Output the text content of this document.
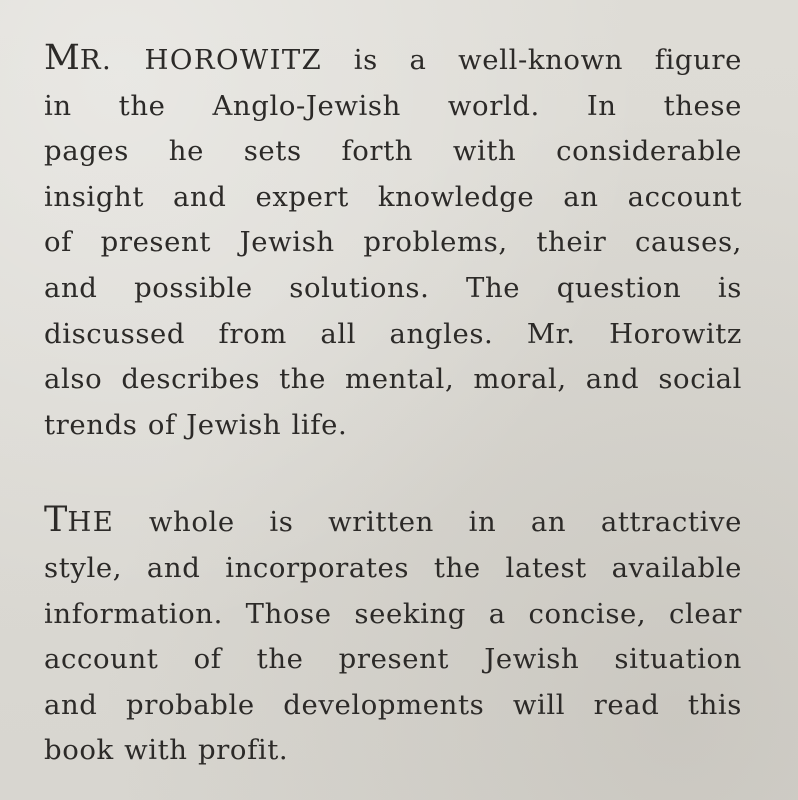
MR. HOROWITZ is a well-known figure
in the Anglo-Jewish world. In these
pages he sets forth with considerable
insight and expert knowledge an account
of present Jewish problems, their causes,
and possible solutions. The question is
discussed from all angles. Mr. Horowitz
also describes the mental, moral, and social
trends of Jewish life.
THE whole is written in an attractive
style, and incorporates the latest available
information. Those seeking a concise, clear
account of the present Jewish situation
and probable developments will read this
book with profit.
